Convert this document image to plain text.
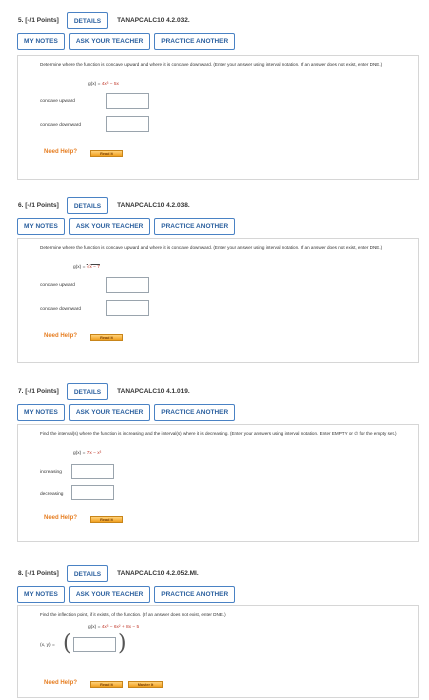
5. [-/1 Points]	DETAILS	TANAPCALC10 4.2.032.
MY NOTES	ASK YOUR TEACHER	PRACTICE ANOTHER
Determine where the function is concave upward and where it is concave downward. (Enter your answer using interval notation. If an answer does not exist, enter DNE.)
g(x) = 4x³ − 5x
concave upward
concave downward
Need Help?	Read It
6. [-/1 Points]	DETAILS	TANAPCALC10 4.2.038.
MY NOTES	ASK YOUR TEACHER	PRACTICE ANOTHER
Determine where the function is concave upward and where it is concave downward. (Enter your answer using interval notation. If an answer does not exist, enter DNE.)
g(x) = √x − 7
concave upward
concave downward
Need Help?	Read It
7. [-/1 Points]	DETAILS	TANAPCALC10 4.1.019.
MY NOTES	ASK YOUR TEACHER	PRACTICE ANOTHER
Find the interval(s) where the function is increasing and the interval(s) where it is decreasing. (Enter your answers using interval notation. Enter EMPTY or ∅ for the empty set.)
g(x) = 7x − x³
increasing
decreasing
Need Help?	Read It
8. [-/1 Points]	DETAILS	TANAPCALC10 4.2.052.MI.
MY NOTES	ASK YOUR TEACHER	PRACTICE ANOTHER
Find the inflection point, if it exists, of the function. (If an answer does not exist, enter DNE.)
g(x) = 4x³ − 6x² + 8x − 5
(x, y) = ( )
Need Help?	Read It	Master It
